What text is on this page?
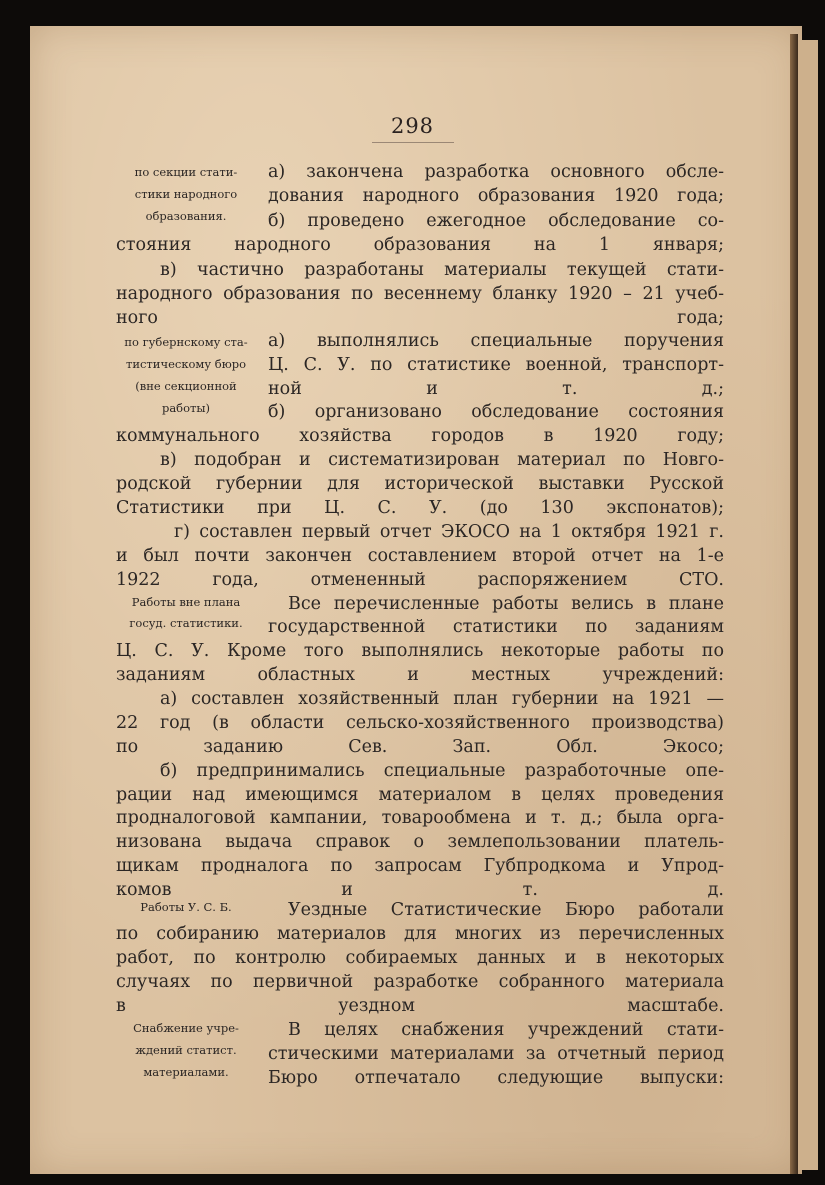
298
по секции стати-
стики народного
образования.
по губернскому ста-
тистическому бюро
(вне секционной
работы)
Работы вне плана
госуд. статистики.
Работы У. С. Б.
Снабжение учре-
ждений статист.
материалами.
а) закончена разработка основного обсле-
дования народного образования 1920 года;
б) проведено ежегодное обследование со-
стояния народного образования на 1 января;
в) частично разработаны материалы текущей стати-
народного образования по весеннему бланку 1920 – 21 учеб-
ного года;
а) выполнялись специальные поручения
Ц. С. У. по статистике военной, транспорт-
ной и т. д.;
б) организовано обследование состояния
коммунального хозяйства городов в 1920 году;
в) подобран и систематизирован материал по Новго-
родской губернии для исторической выставки Русской
Статистики при Ц. С. У. (до 130 экспонатов);
г) составлен первый отчет ЭКОСО на 1 октября 1921 г.
и был почти закончен составлением второй отчет на 1-е
1922 года, отмененный распоряжением СТО.
Все перечисленные работы велись в плане
государственной статистики по заданиям
Ц. С. У. Кроме того выполнялись некоторые работы по
заданиям областных и местных учреждений:
а) составлен хозяйственный план губернии на 1921 —
22 год (в области сельско-хозяйственного производства)
по заданию Сев. Зап. Обл. Экосо;
б) предпринимались специальные разработочные опе-
рации над имеющимся материалом в целях проведения
продналоговой кампании, товарообмена и т. д.; была орга-
низована выдача справок о землепользовании платель-
щикам продналога по запросам Губпродкома и Упрод-
комов и т. д.
Уездные Статистические Бюро работали
по собиранию материалов для многих из перечисленных
работ, по контролю собираемых данных и в некоторых
случаях по первичной разработке собранного материала
в уездном масштабе.
В целях снабжения учреждений стати-
стическими материалами за отчетный период
Бюро отпечатало следующие выпуски:
